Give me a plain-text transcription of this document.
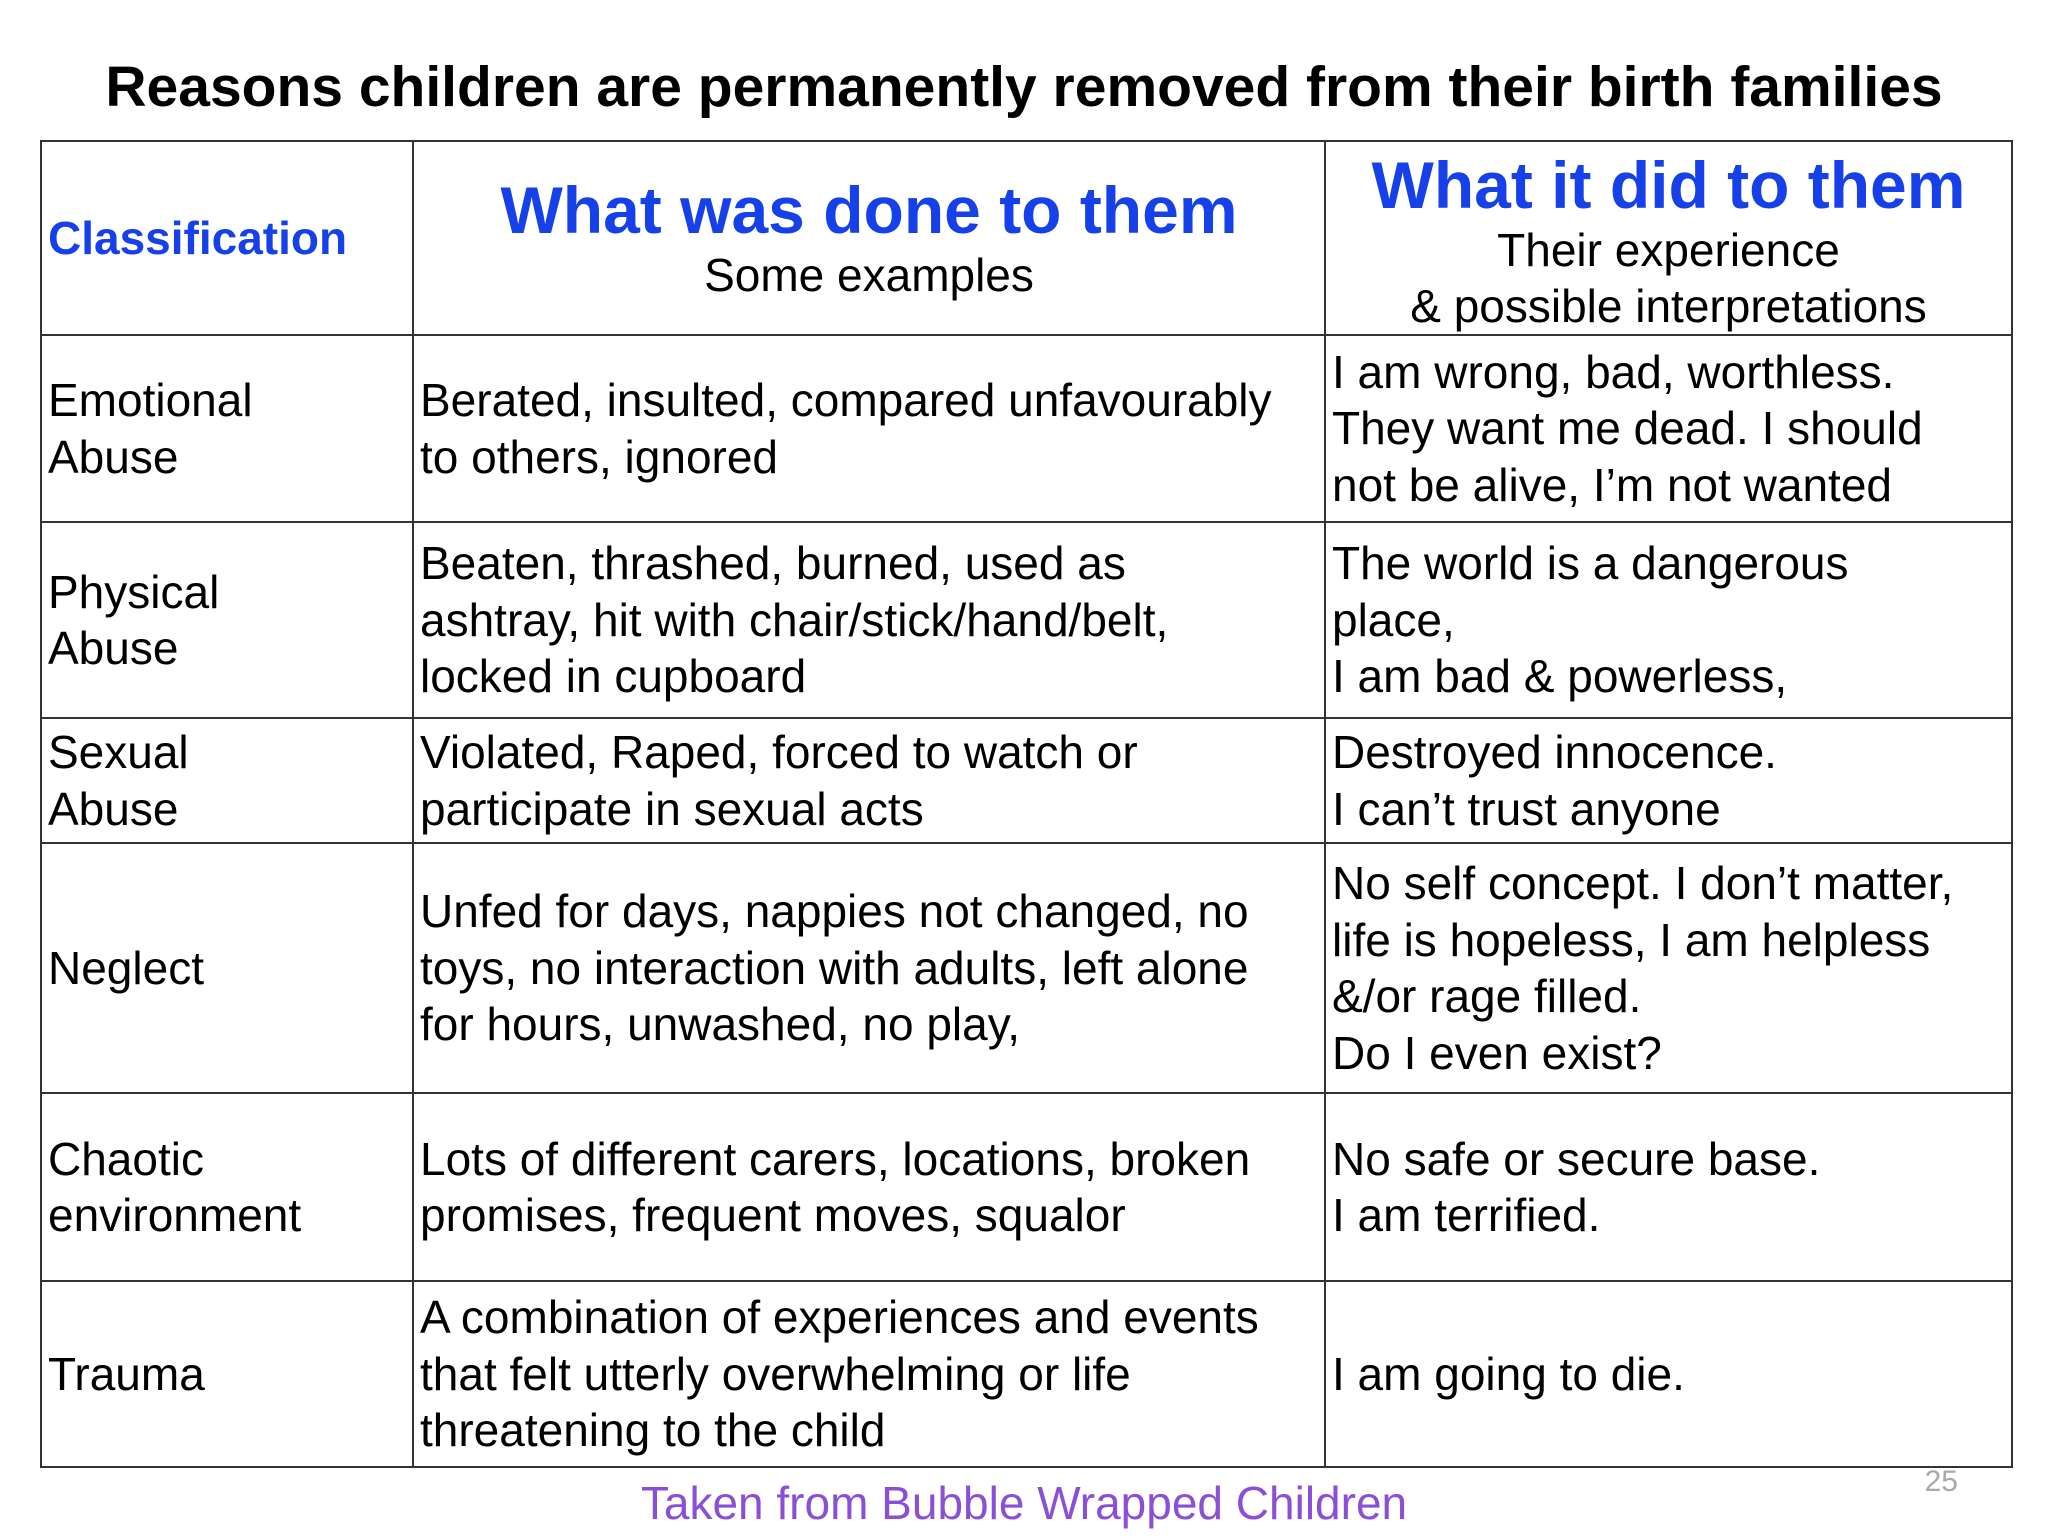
Reasons children are permanently removed from their birth families
Classification What was done to them
Some examples
What it did to them
Their experience
& possible interpretations
Emotional
Abuse
Berated, insulted, compared unfavourably
to others, ignored
I am wrong, bad, worthless.
They want me dead. I should
not be alive, I’m not wanted
Physical
Abuse
Beaten, thrashed, burned, used as
ashtray, hit with chair/stick/hand/belt,
locked in cupboard
The world is a dangerous
place,
I am bad & powerless,
Sexual
Abuse
Violated, Raped, forced to watch or
participate in sexual acts
Destroyed innocence.
I can’t trust anyone
Neglect
Unfed for days, nappies not changed, no
toys, no interaction with adults, left alone
for hours, unwashed, no play,
No self concept. I don’t matter,
life is hopeless, I am helpless
&/or rage filled.
Do I even exist?
Chaotic
environment
Lots of different carers, locations, broken
promises, frequent moves, squalor
No safe or secure base.
I am terrified.
Trauma
A combination of experiences and events
that felt utterly overwhelming or life
threatening to the child
I am going to die.
25
Taken from Bubble Wrapped Children
